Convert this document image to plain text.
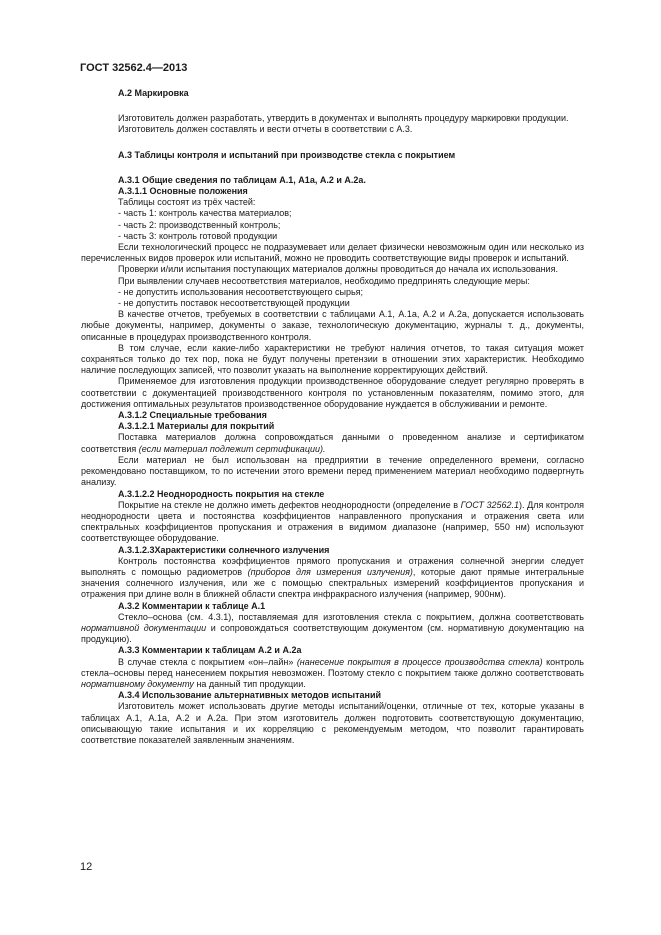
ГОСТ 32562.4—2013
А.2 Маркировка

Изготовитель должен разработать, утвердить в документах и выполнять процедуру маркировки продукции.

Изготовитель должен составлять и вести отчеты в соответствии с А.3.

А.3 Таблицы контроля и испытаний при производстве стекла с покрытием
А.3.1 Общие сведения по таблицам А.1, А1а, А.2 и А.2а.
А.3.1.1 Основные положения
Таблицы состоят из трёх частей:
- часть 1: контроль качества материалов;
- часть 2: производственный контроль;
- часть 3: контроль готовой продукции

Если технологический процесс не подразумевает или делает физически невозможным один или несколько из перечисленных видов проверок или испытаний, можно не проводить соответствующие виды проверок и испытаний.

Проверки и/или испытания поступающих материалов должны проводиться до начала их использования.

При выявлении случаев несоответствия материалов, необходимо предпринять следующие меры:

- не допустить использования несоответствующего сырья;
- не допустить поставок несоответствующей продукции

В качестве отчетов, требуемых в соответствии с таблицами А.1, А.1а, А.2 и А.2а, допускается использовать любые документы, например, документы о заказе, технологическую документацию, журналы т. д., документы, описанные в процедурах производственного контроля.

В том случае, если какие-либо характеристики не требуют наличия отчетов, то такая ситуация может сохраняться только до тех пор, пока не будут получены претензии в отношении этих характеристик. Необходимо наличие последующих записей, что позволит указать на выполнение корректирующих действий.

Применяемое для изготовления продукции производственное оборудование следует регулярно проверять в соответствии с документацией производственного контроля по установленным показателям, помимо этого, для достижения оптимальных результатов производственное оборудование нуждается в обслуживании и ремонте.

А.3.1.2 Специальные требования
А.3.1.2.1 Материалы для покрытий

Поставка материалов должна сопровождаться данными о проведенном анализе и сертификатом соответствия (если материал подлежит сертификации).

Если материал не был использован на предприятии в течение определенного времени, согласно рекомендовано поставщиком, то по истечении этого времени перед применением материал необходимо подвергнуть анализу.

А.3.1.2.2 Неоднородность покрытия на стекле

Покрытие на стекле не должно иметь дефектов неоднородности (определение в ГОСТ 32562.1). Для контроля неоднородности цвета и постоянства коэффициентов направленного пропускания и отражения света или спектральных коэффициентов пропускания и отражения в видимом диапазоне (например, 550 нм) используют соответствующее оборудование.

А.3.1.2.3Характеристики солнечного излучения

Контроль постоянства коэффициентов прямого пропускания и отражения солнечной энергии следует выполнять с помощью радиометров (приборов для измерения излучения), которые дают прямые интегральные значения солнечного излучения, или же с помощью спектральных измерений коэффициентов пропускания и отражения при длине волн в ближней области спектра инфракрасного излучения (например, 900нм).

А.3.2 Комментарии к таблице А.1

Стекло–основа (см. 4.3.1), поставляемая для изготовления стекла с покрытием, должна соответствовать нормативной документации и сопровождаться соответствующим документом (см. нормативную документацию на продукцию).

А.3.3 Комментарии к таблицам А.2 и А.2а

В случае стекла с покрытием «он–лайн» (нанесение покрытия в процессе производства стекла) контроль стекла–основы перед нанесением покрытия невозможен. Поэтому стекло с покрытием также должно соответствовать нормативному документу на данный тип продукции.

А.3.4 Использование альтернативных методов испытаний

Изготовитель может использовать другие методы испытаний/оценки, отличные от тех, которые указаны в таблицах А.1, А.1а, А.2 и А.2а. При этом изготовитель должен подготовить соответствующую документацию, описывающую такие испытания и их корреляцию с рекомендуемым методом, что позволит гарантировать соответствие показателей заявленным значениям.

12
